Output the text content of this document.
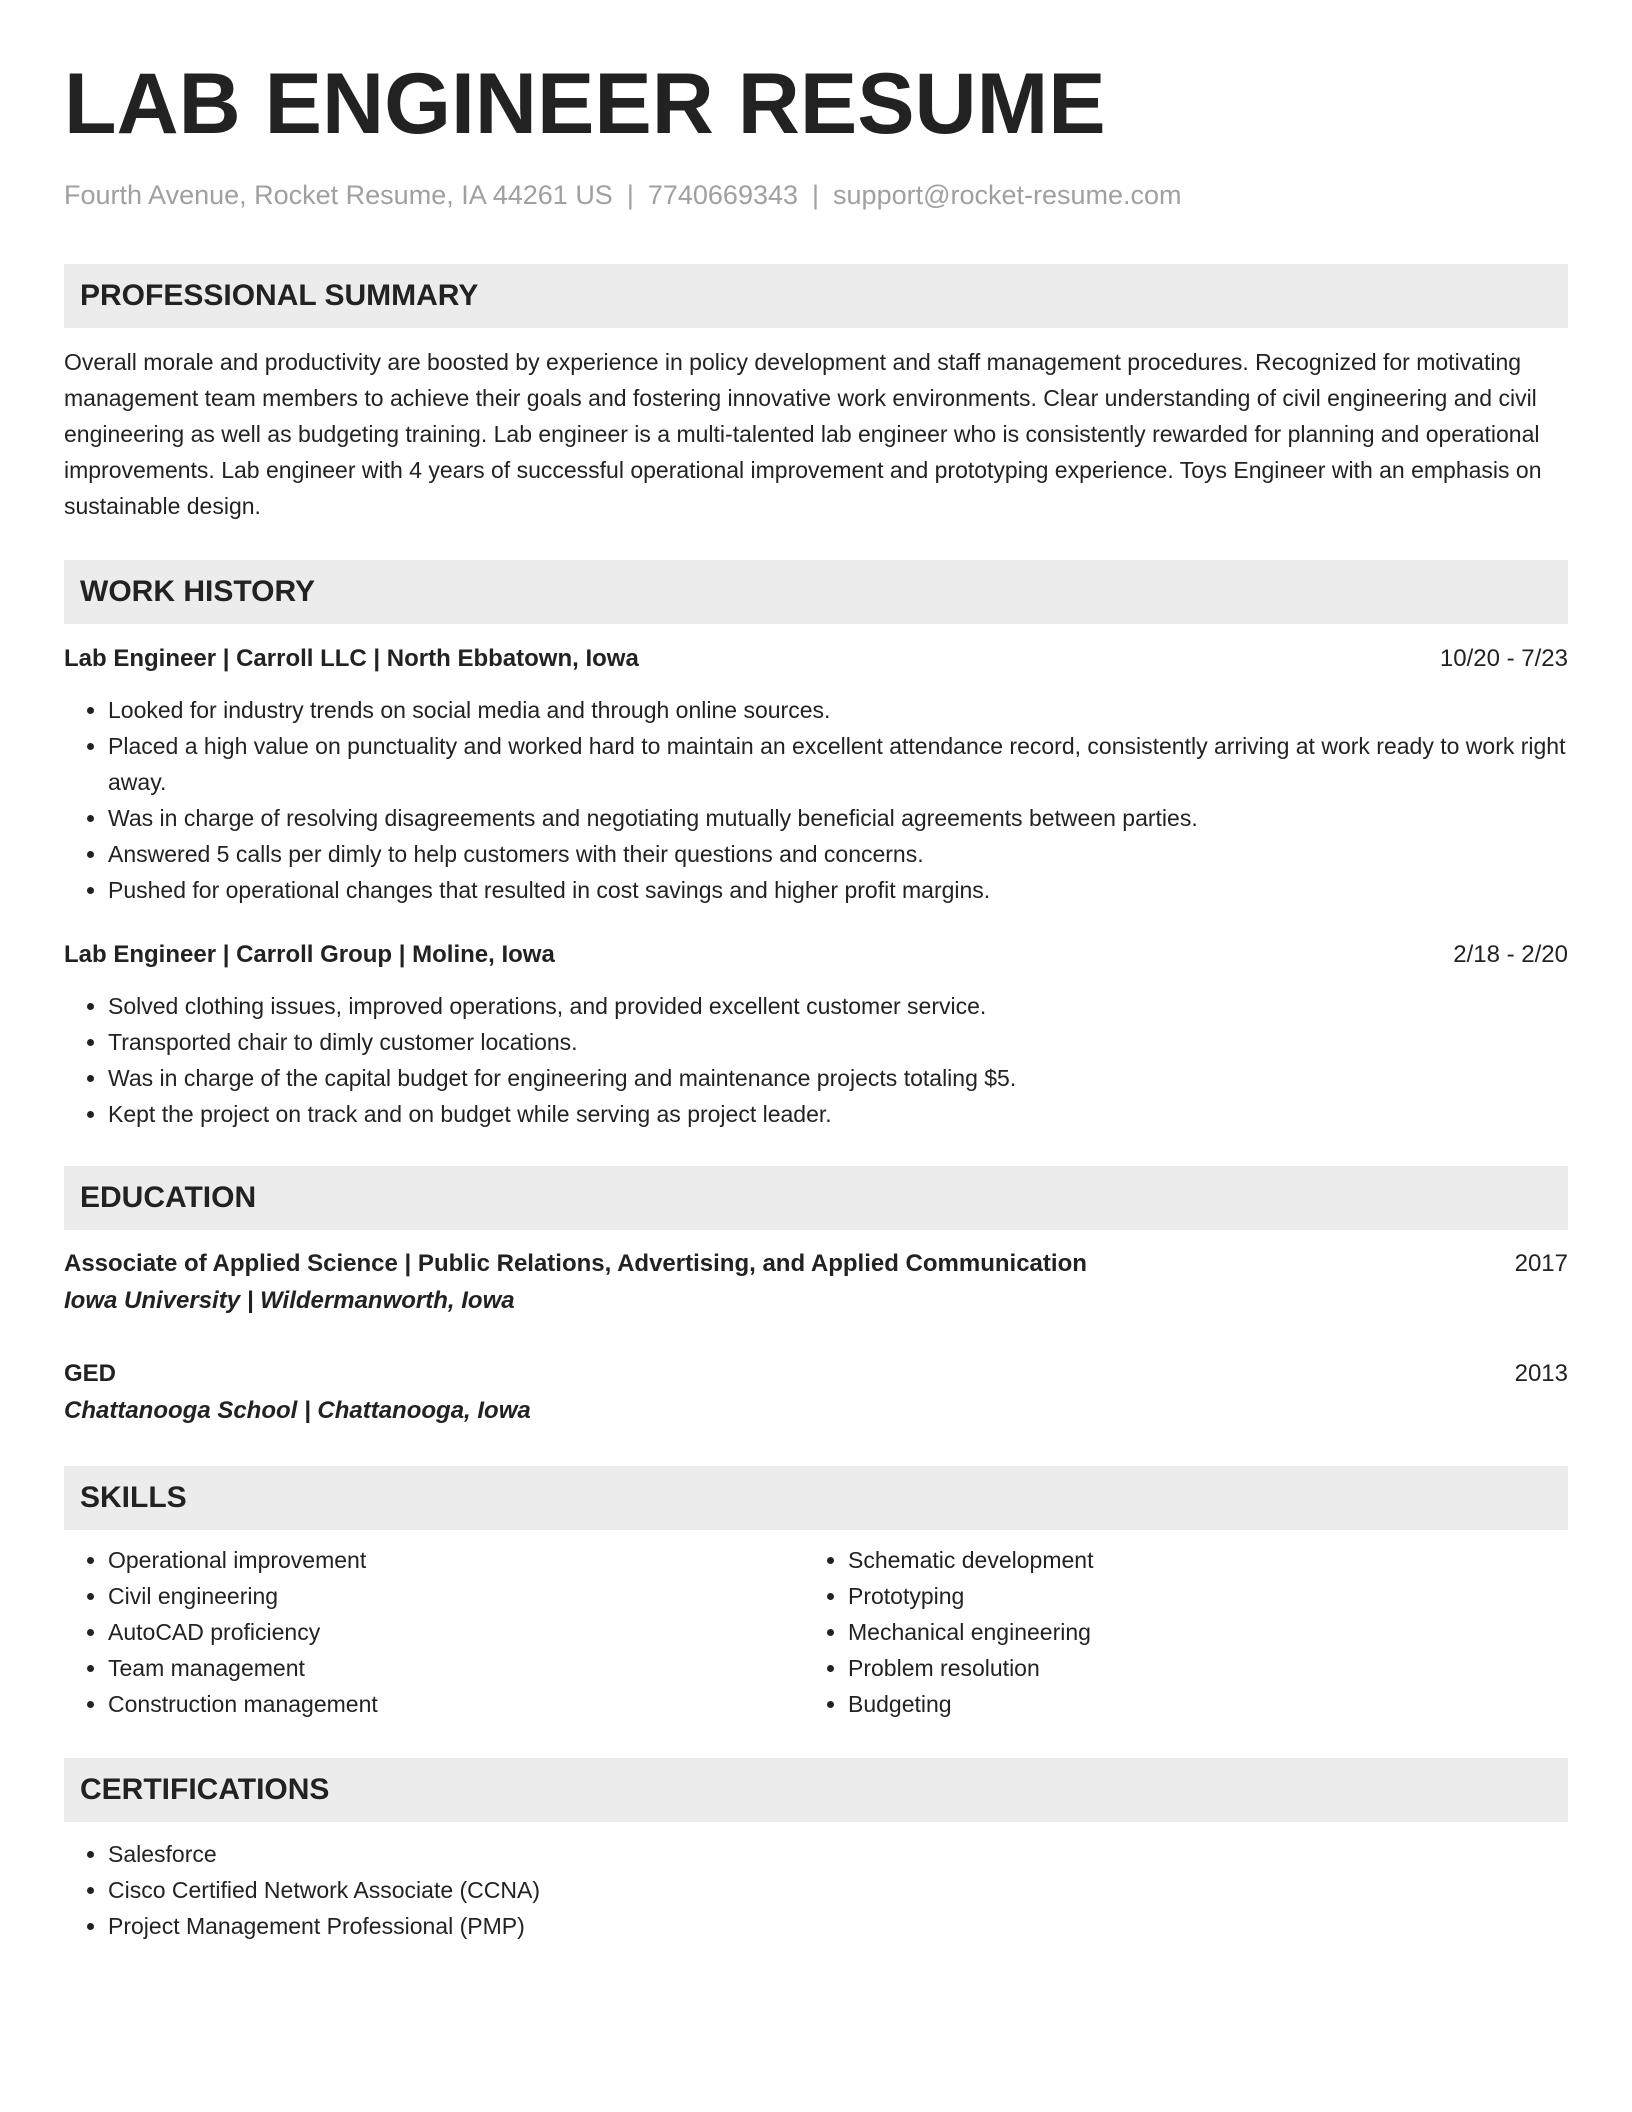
LAB ENGINEER RESUME
Fourth Avenue, Rocket Resume, IA 44261 US | 7740669343 | support@rocket-resume.com
PROFESSIONAL SUMMARY
Overall morale and productivity are boosted by experience in policy development and staff management procedures. Recognized for motivating management team members to achieve their goals and fostering innovative work environments. Clear understanding of civil engineering and civil engineering as well as budgeting training. Lab engineer is a multi-talented lab engineer who is consistently rewarded for planning and operational improvements. Lab engineer with 4 years of successful operational improvement and prototyping experience. Toys Engineer with an emphasis on sustainable design.
WORK HISTORY
Lab Engineer | Carroll LLC | North Ebbatown, Iowa	10/20 - 7/23
• Looked for industry trends on social media and through online sources.
• Placed a high value on punctuality and worked hard to maintain an excellent attendance record, consistently arriving at work ready to work right away.
• Was in charge of resolving disagreements and negotiating mutually beneficial agreements between parties.
• Answered 5 calls per dimly to help customers with their questions and concerns.
• Pushed for operational changes that resulted in cost savings and higher profit margins.
Lab Engineer | Carroll Group | Moline, Iowa	2/18 - 2/20
• Solved clothing issues, improved operations, and provided excellent customer service.
• Transported chair to dimly customer locations.
• Was in charge of the capital budget for engineering and maintenance projects totaling $5.
• Kept the project on track and on budget while serving as project leader.
EDUCATION
Associate of Applied Science | Public Relations, Advertising, and Applied Communication	2017
Iowa University | Wildermanworth, Iowa
GED	2013
Chattanooga School | Chattanooga, Iowa
SKILLS
• Operational improvement
• Civil engineering
• AutoCAD proficiency
• Team management
• Construction management
• Schematic development
• Prototyping
• Mechanical engineering
• Problem resolution
• Budgeting
CERTIFICATIONS
• Salesforce
• Cisco Certified Network Associate (CCNA)
• Project Management Professional (PMP)
